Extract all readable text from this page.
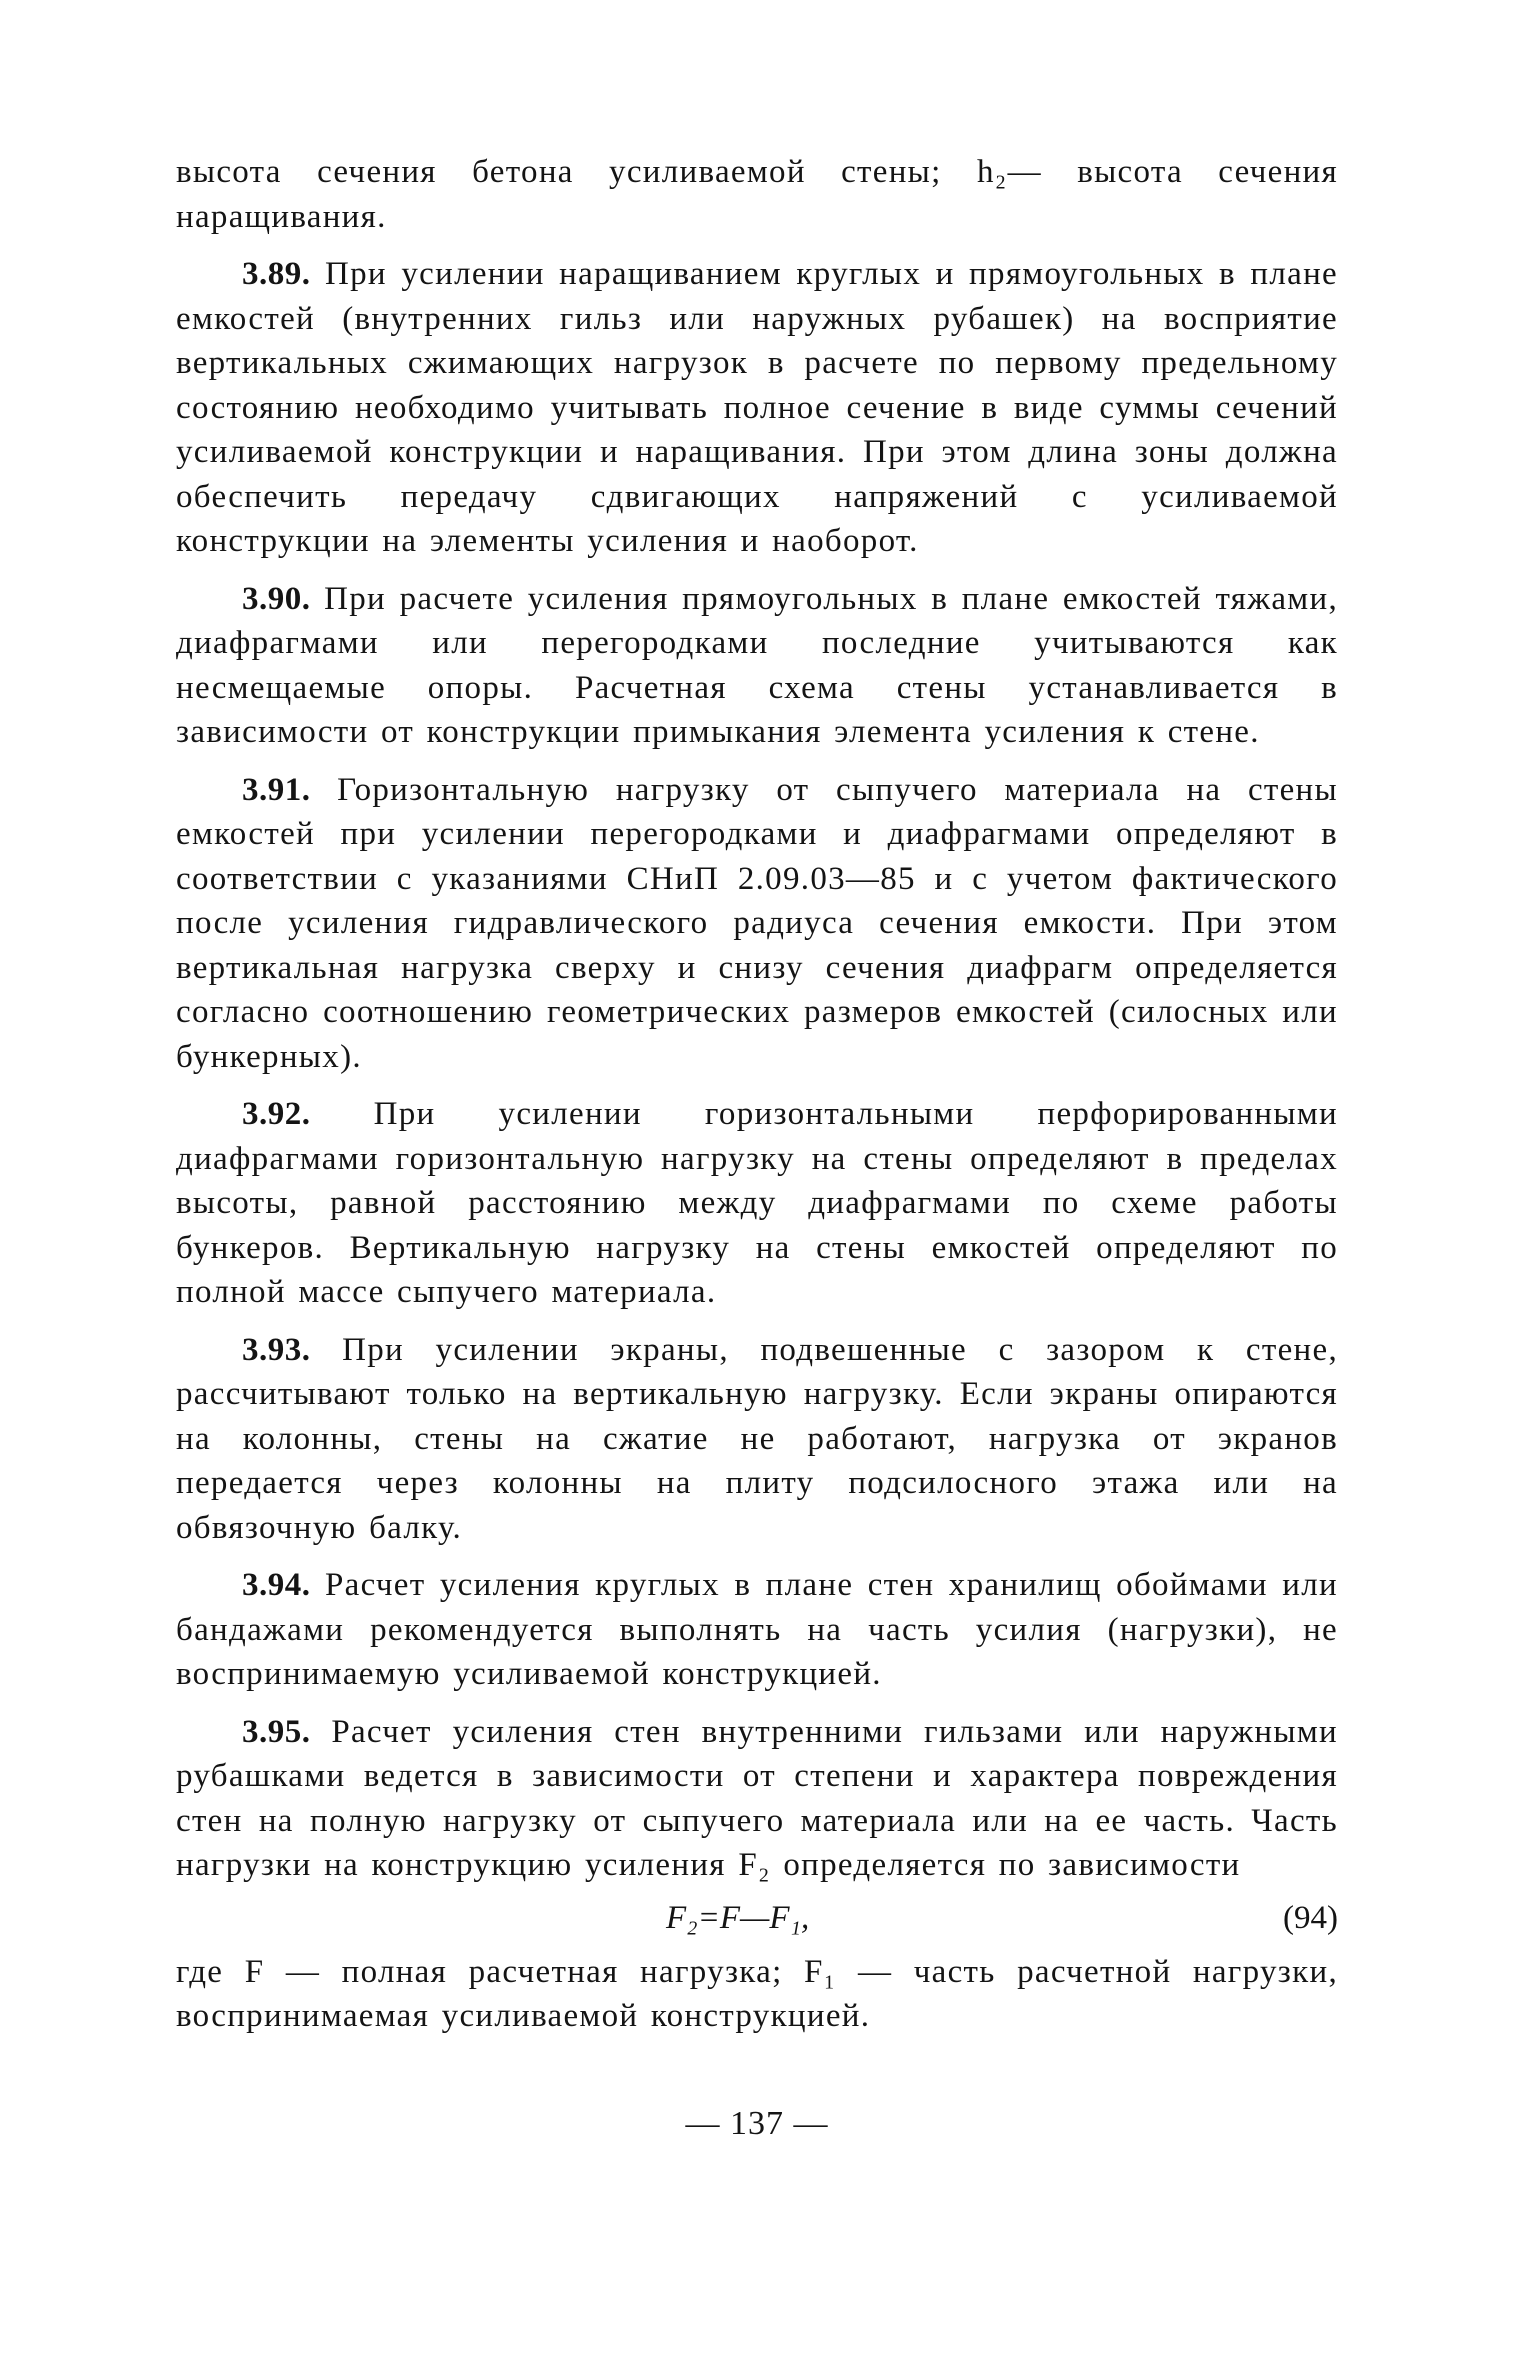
высота сечения бетона усиливаемой стены; h₂— высота сечения наращивания.

3.89. При усилении наращиванием круглых и прямоугольных в плане емкостей (внутренних гильз или наружных рубашек) на восприятие вертикальных сжимающих нагрузок в расчете по первому предельному состоянию необходимо учитывать полное сечение в виде суммы сечений усиливаемой конструкции и наращивания. При этом длина зоны должна обеспечить передачу сдвигающих напряжений с усиливаемой конструкции на элементы усиления и наоборот.

3.90. При расчете усиления прямоугольных в плане емкостей тяжами, диафрагмами или перегородками последние учитываются как несмещаемые опоры. Расчетная схема стены устанавливается в зависимости от конструкции примыкания элемента усиления к стене.

3.91. Горизонтальную нагрузку от сыпучего материала на стены емкостей при усилении перегородками и диафрагмами определяют в соответствии с указаниями СНиП 2.09.03—85 и с учетом фактического после усиления гидравлического радиуса сечения емкости. При этом вертикальная нагрузка сверху и снизу сечения диафрагм определяется согласно соотношению геометрических размеров емкостей (силосных или бункерных).

3.92. При усилении горизонтальными перфорированными диафрагмами горизонтальную нагрузку на стены определяют в пределах высоты, равной расстоянию между диафрагмами по схеме работы бункеров. Вертикальную нагрузку на стены емкостей определяют по полной массе сыпучего материала.

3.93. При усилении экраны, подвешенные с зазором к стене, рассчитывают только на вертикальную нагрузку. Если экраны опираются на колонны, стены на сжатие не работают, нагрузка от экранов передается через колонны на плиту подсилосного этажа или на обвязочную балку.

3.94. Расчет усиления круглых в плане стен хранилищ обоймами или бандажами рекомендуется выполнять на часть усилия (нагрузки), не воспринимаемую усиливаемой конструкцией.

3.95. Расчет усиления стен внутренними гильзами или наружными рубашками ведется в зависимости от степени и характера повреждения стен на полную нагрузку от сыпучего материала или на ее часть. Часть нагрузки на конструкцию усиления F₂ определяется по зависимости

F₂=F—F₁,	(94)

где F — полная расчетная нагрузка; F₁ — часть расчетной нагрузки, воспринимаемая усиливаемой конструкцией.

— 137 —
